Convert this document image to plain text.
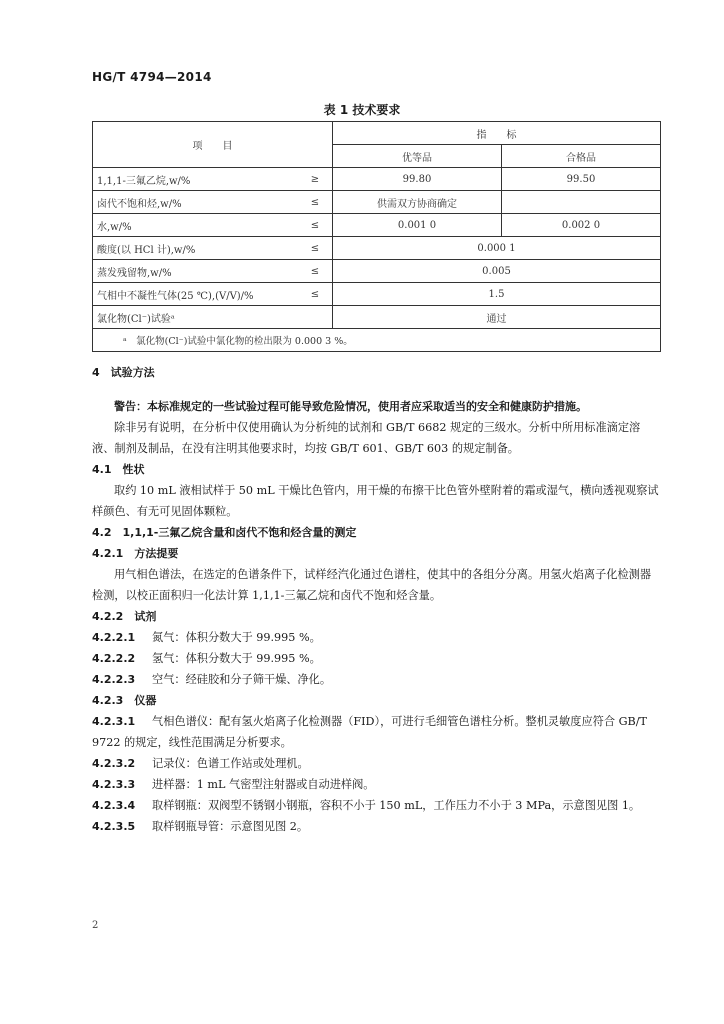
HG/T 4794—2014
表 1 技术要求
项　　目		指　　标	
		优等品	合格品
1,1,1-三氟乙烷,w/%	≥	99.80	99.50
卤代不饱和烃,w/%	≤	供需双方协商确定	
水,w/%	≤	0.001 0	0.002 0
酸度(以 HCl 计),w/%	≤	0.000 1	
蒸发残留物,w/%	≤	0.005	
气相中不凝性气体(25 ℃),(V/V)/%	≤	1.5	
氯化物(Cl⁻)试验ᵃ		通过	
ᵃ　氯化物(Cl⁻)试验中氯化物的检出限为 0.000 3 %。			

4　试验方法

警告：本标准规定的一些试验过程可能导致危险情况，使用者应采取适当的安全和健康防护措施。

除非另有说明，在分析中仅使用确认为分析纯的试剂和 GB/T 6682 规定的三级水。分析中所用标准滴定溶液、制剂及制品，在没有注明其他要求时，均按 GB/T 601、GB/T 603 的规定制备。

4.1　性状

取约 10 mL 液相试样于 50 mL 干燥比色管内，用干燥的布擦干比色管外壁附着的霜或湿气，横向透视观察试样颜色、有无可见固体颗粒。

4.2　1,1,1-三氟乙烷含量和卤代不饱和烃含量的测定

4.2.1　方法提要

用气相色谱法，在选定的色谱条件下，试样经汽化通过色谱柱，使其中的各组分分离。用氢火焰离子化检测器检测，以校正面积归一化法计算 1,1,1-三氟乙烷和卤代不饱和烃含量。

4.2.2　试剂

4.2.2.1 氮气：体积分数大于 99.995 %。

4.2.2.2 氢气：体积分数大于 99.995 %。

4.2.2.3 空气：经硅胶和分子筛干燥、净化。

4.2.3　仪器

4.2.3.1 气相色谱仪：配有氢火焰离子化检测器（FID），可进行毛细管色谱柱分析。整机灵敏度应符合 GB/T 9722 的规定，线性范围满足分析要求。

4.2.3.2 记录仪：色谱工作站或处理机。

4.2.3.3 进样器：1 mL 气密型注射器或自动进样阀。

4.2.3.4 取样钢瓶：双阀型不锈钢小钢瓶，容积不小于 150 mL，工作压力不小于 3 MPa，示意图见图 1。

4.2.3.5 取样钢瓶导管：示意图见图 2。

2
